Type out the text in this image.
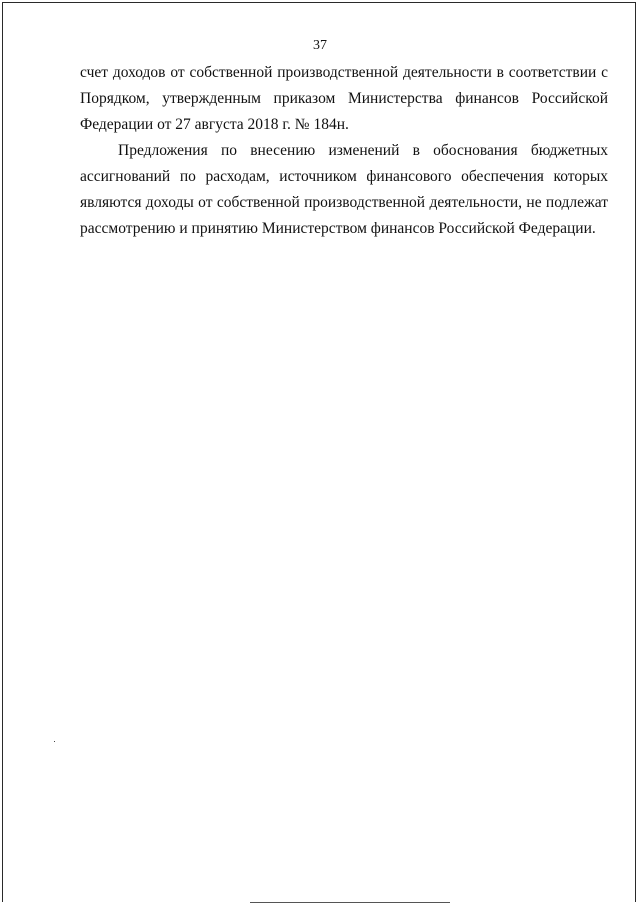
37

счет доходов от собственной производственной деятельности в соответствии с
Порядком, утвержденным приказом Министерства финансов Российской
Федерации от 27 августа 2018 г. № 184н.

Предложения по внесению изменений в обоснования бюджетных
ассигнований по расходам, источником финансового обеспечения которых
являются доходы от собственной производственной деятельности, не подлежат
рассмотрению и принятию Министерством финансов Российской Федерации.
